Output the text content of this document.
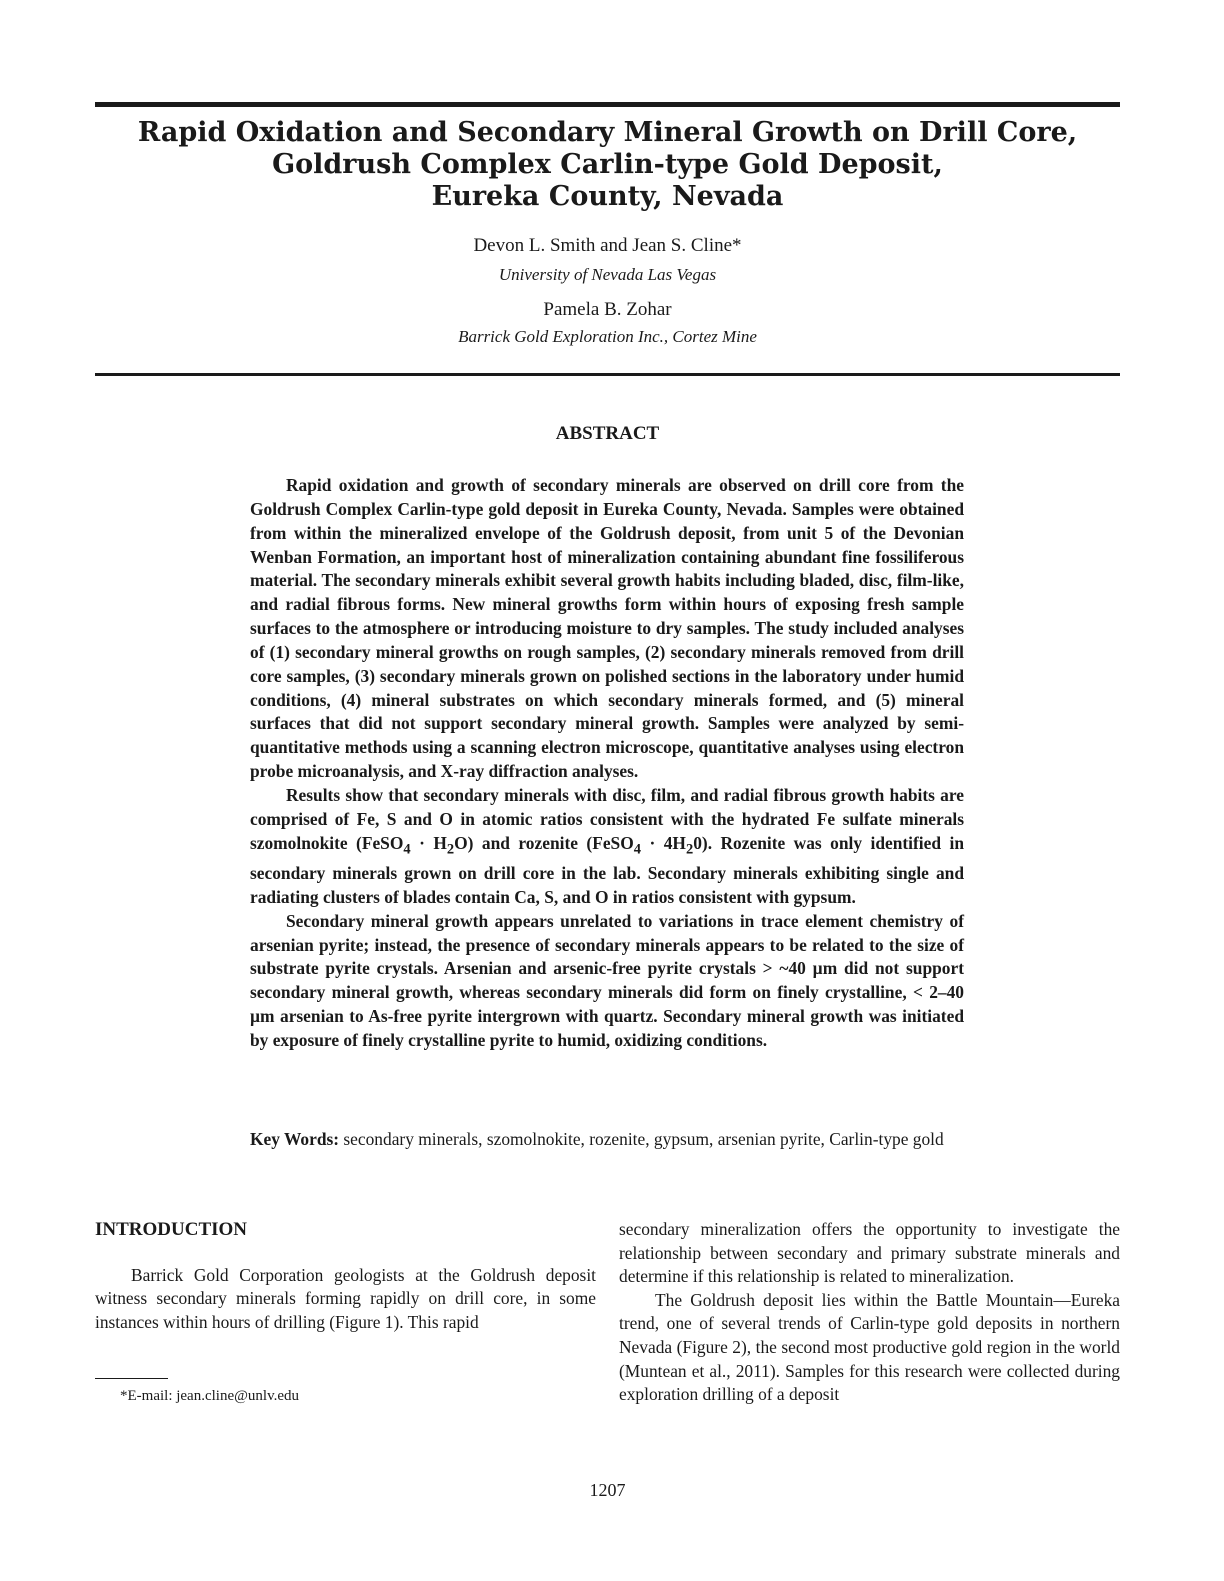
Rapid Oxidation and Secondary Mineral Growth on Drill Core,
Goldrush Complex Carlin-type Gold Deposit,
Eureka County, Nevada

Devon L. Smith and Jean S. Cline*

University of Nevada Las Vegas

Pamela B. Zohar

Barrick Gold Exploration Inc., Cortez Mine

ABSTRACT

Rapid oxidation and growth of secondary minerals are observed on drill core from the Goldrush Complex Carlin-type gold deposit in Eureka County, Nevada. Samples were obtained from within the mineralized envelope of the Goldrush deposit, from unit 5 of the Devonian Wenban Formation, an important host of mineralization containing abundant fine fossiliferous material. The secondary minerals exhibit several growth habits including bladed, disc, film-like, and radial fibrous forms. New mineral growths form within hours of exposing fresh sample surfaces to the atmosphere or introducing moisture to dry samples. The study included analyses of (1) secondary mineral growths on rough samples, (2) secondary minerals removed from drill core samples, (3) secondary minerals grown on polished sections in the laboratory under humid conditions, (4) mineral substrates on which secondary minerals formed, and (5) mineral surfaces that did not support secondary mineral growth. Samples were analyzed by semi-quantitative methods using a scanning electron microscope, quantitative analyses using electron probe microanalysis, and X-ray diffraction analyses.

Results show that secondary minerals with disc, film, and radial fibrous growth habits are comprised of Fe, S and O in atomic ratios consistent with the hydrated Fe sulfate minerals szomolnokite (FeSO$_4$ · $H_2O$) and rozenite (FeSO$_4$ · $4H_20$). Rozenite was only identified in secondary minerals grown on drill core in the lab. Secondary minerals exhibiting single and radiating clusters of blades contain Ca, S, and O in ratios consistent with gypsum.

Secondary mineral growth appears unrelated to variations in trace element chemistry of arsenian pyrite; instead, the presence of secondary minerals appears to be related to the size of substrate pyrite crystals. Arsenian and arsenic-free pyrite crystals > ~40 µm did not support secondary mineral growth, whereas secondary minerals did form on finely crystalline, < 2–40 µm arsenian to As-free pyrite intergrown with quartz. Secondary mineral growth was initiated by exposure of finely crystalline pyrite to humid, oxidizing conditions.

Key Words: secondary minerals, szomolnokite, rozenite, gypsum, arsenian pyrite, Carlin-type gold

INTRODUCTION

Barrick Gold Corporation geologists at the Goldrush deposit witness secondary minerals forming rapidly on drill core, in some instances within hours of drilling (Figure 1). This rapid

secondary mineralization offers the opportunity to investigate the relationship between secondary and primary substrate minerals and determine if this relationship is related to mineralization.

The Goldrush deposit lies within the Battle Mountain—Eureka trend, one of several trends of Carlin-type gold deposits in northern Nevada (Figure 2), the second most productive gold region in the world (Muntean et al., 2011). Samples for this research were collected during exploration drilling of a deposit

*E-mail: jean.cline@unlv.edu

1207
